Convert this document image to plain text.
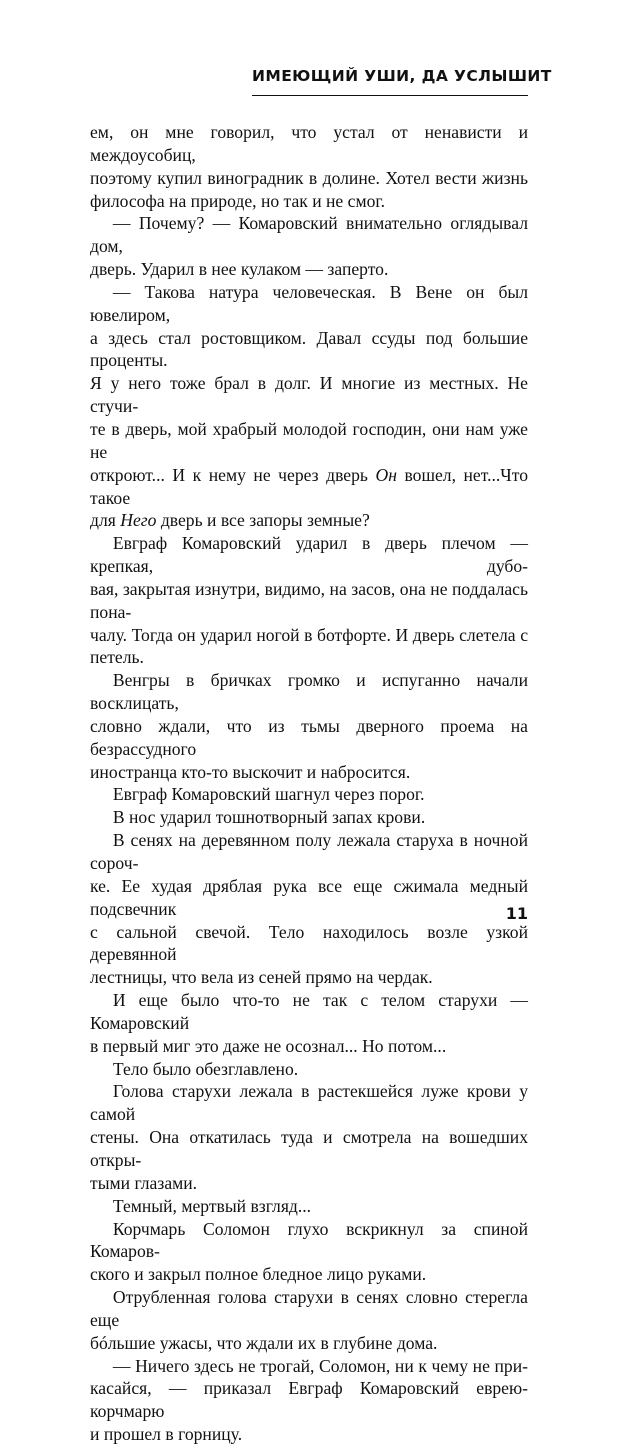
ИМЕЮЩИЙ УШИ, ДА УСЛЫШИТ

ем, он мне говорил, что устал от ненависти и междоусобиц,

поэтому купил виноградник в долине. Хотел вести жизнь

философа на природе, но так и не смог.

— Почему? — Комаровский внимательно оглядывал дом,

дверь. Ударил в нее кулаком — заперто.

— Такова натура человеческая. В Вене он был ювелиром,

а здесь стал ростовщиком. Давал ссуды под большие проценты.

Я у него тоже брал в долг. И многие из местных. Не стучи-

те в дверь, мой храбрый молодой господин, они нам уже не

откроют... И к нему не через дверь Он вошел, нет...Что такое

для Него дверь и все запоры земные?

Евграф Комаровский ударил в дверь плечом — крепкая, дубо-

вая, закрытая изнутри, видимо, на засов, она не поддалась пона-

чалу. Тогда он ударил ногой в ботфорте. И дверь слетела с петель.

Венгры в бричках громко и испуганно начали восклицать,

словно ждали, что из тьмы дверного проема на безрассудного

иностранца кто-то выскочит и набросится.

Евграф Комаровский шагнул через порог.

В нос ударил тошнотворный запах крови.

В сенях на деревянном полу лежала старуха в ночной сороч-

ке. Ее худая дряблая рука все еще сжимала медный подсвечник

с сальной свечой. Тело находилось возле узкой деревянной

лестницы, что вела из сеней прямо на чердак.

И еще было что-то не так с телом старухи — Комаровский

в первый миг это даже не осознал... Но потом...

Тело было обезглавлено.

Голова старухи лежала в растекшейся луже крови у самой

стены. Она откатилась туда и смотрела на вошедших откры-

тыми глазами.

Темный, мертвый взгляд...

Корчмарь Соломон глухо вскрикнул за спиной Комаров-

ского и закрыл полное бледное лицо руками.

Отрубленная голова старухи в сенях словно стерегла еще

бóльшие ужасы, что ждали их в глубине дома.

— Ничего здесь не трогай, Соломон, ни к чему не при-

касайся, — приказал Евграф Комаровский еврею-корчмарю

и прошел в горницу.

11
